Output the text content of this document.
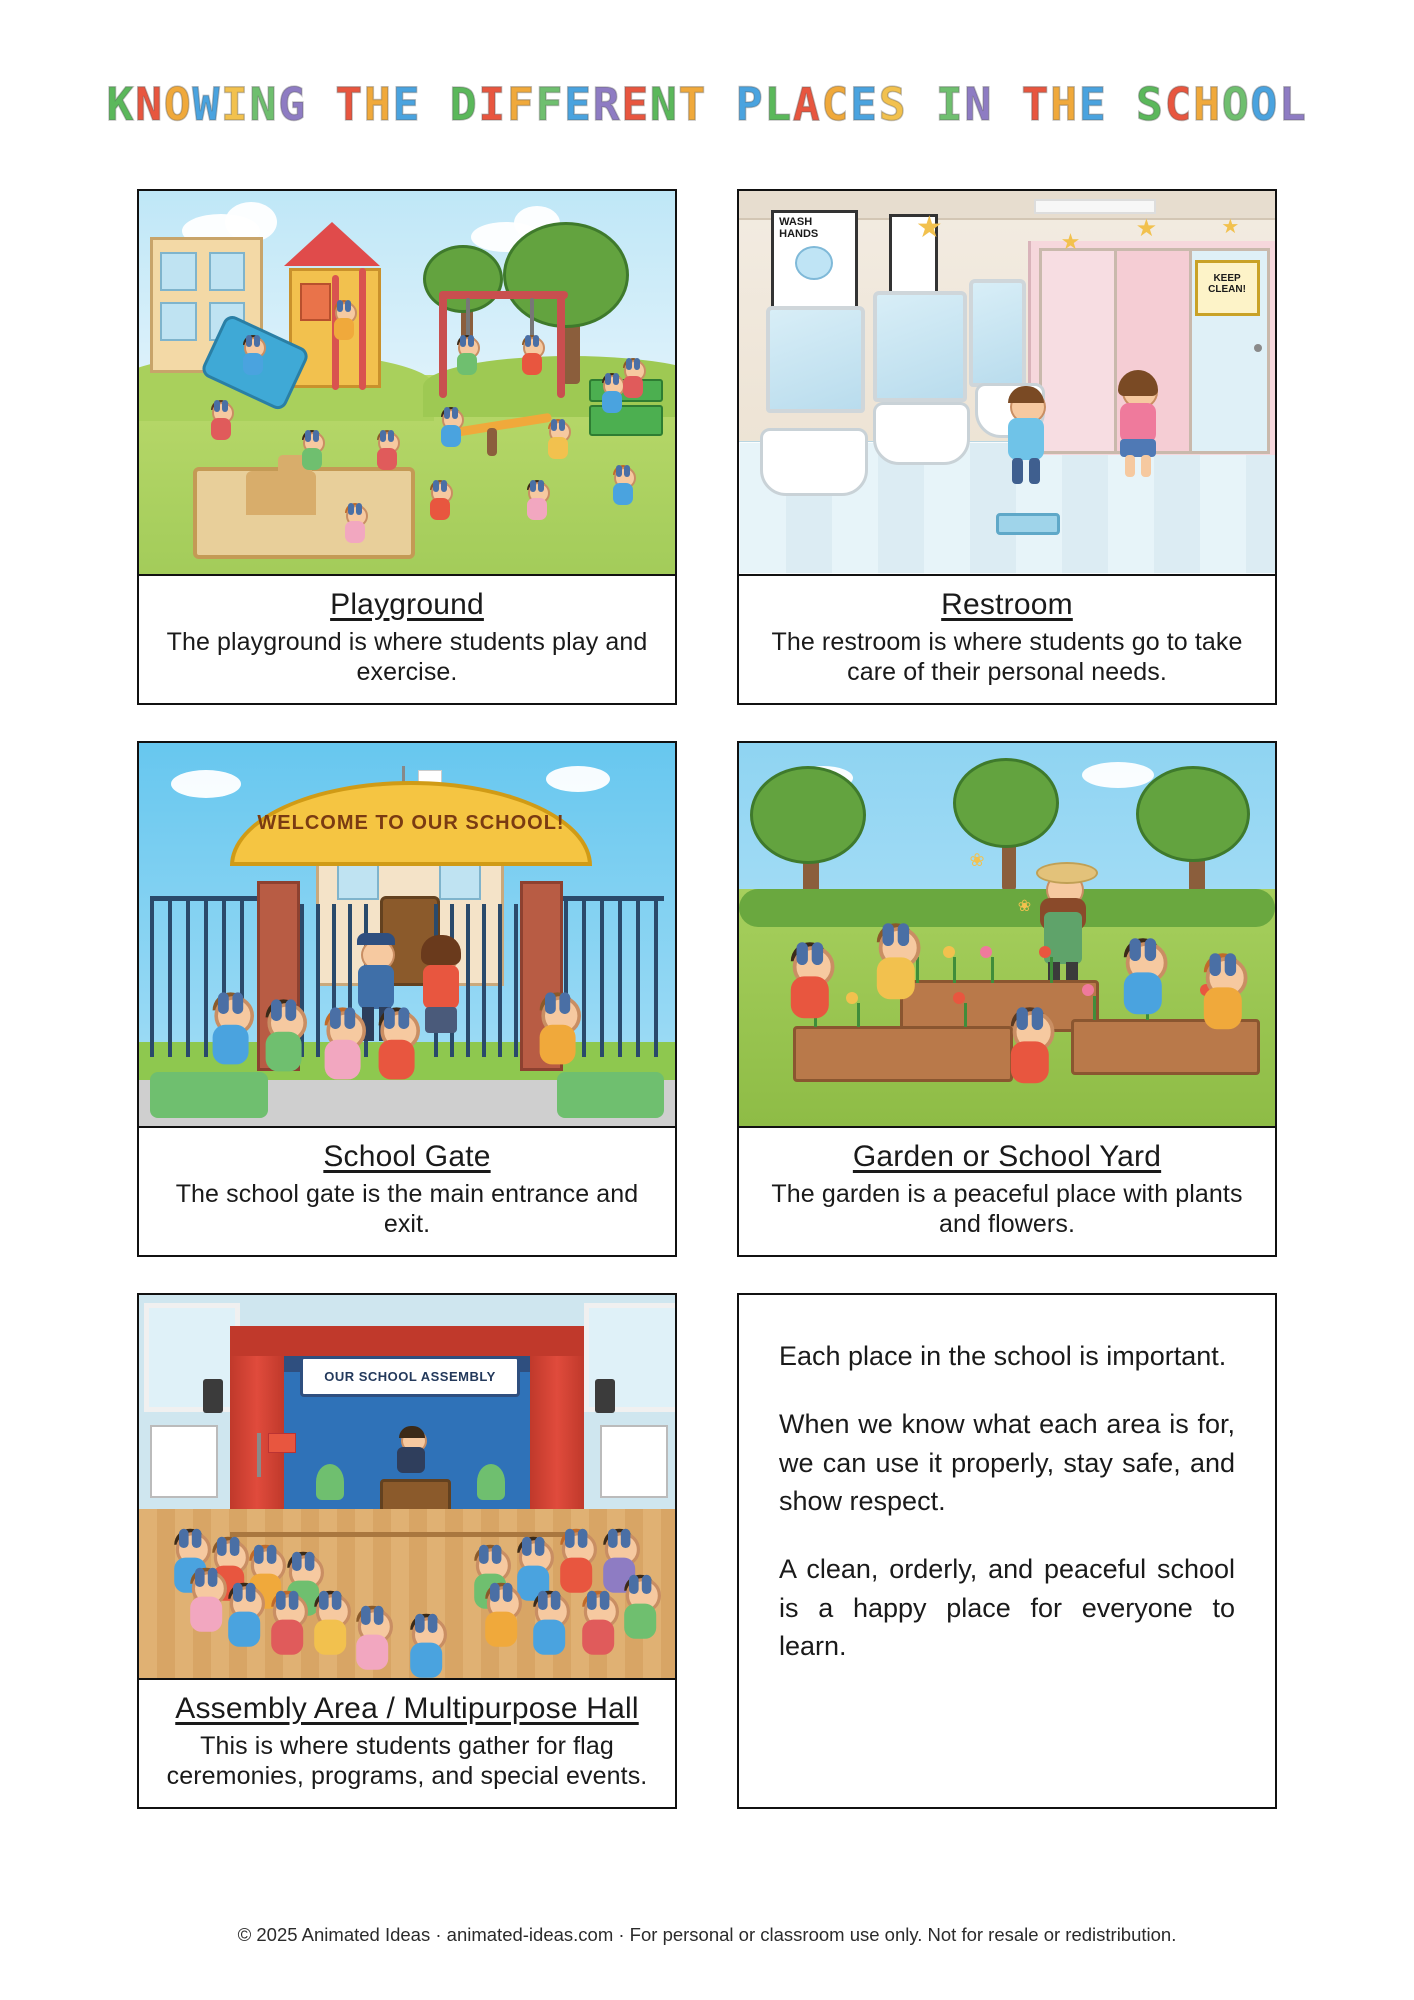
KNOWING THE DIFFERENT PLACES IN THE SCHOOL
Playground
The playground is where students play and exercise.
WASH HANDS
KEEP CLEAN!
★	★ ★	★
Restroom
The restroom is where students go to take care of their personal needs.
WELCOME TO OUR SCHOOL!
School Gate
The school gate is the main entrance and exit.
❀
❀
Garden or School Yard
The garden is a peaceful place with plants and flowers.
OUR SCHOOL ASSEMBLY
Assembly Area / Multipurpose Hall
This is where students gather for flag ceremonies, programs, and special events.

Each place in the school is important.

When we know what each area is for, we can use it properly, stay safe, and show respect.

A clean, orderly, and peaceful school is a happy place for everyone to learn.

© 2025 Animated Ideas · animated-ideas.com · For personal or classroom use only. Not for resale or redistribution.
